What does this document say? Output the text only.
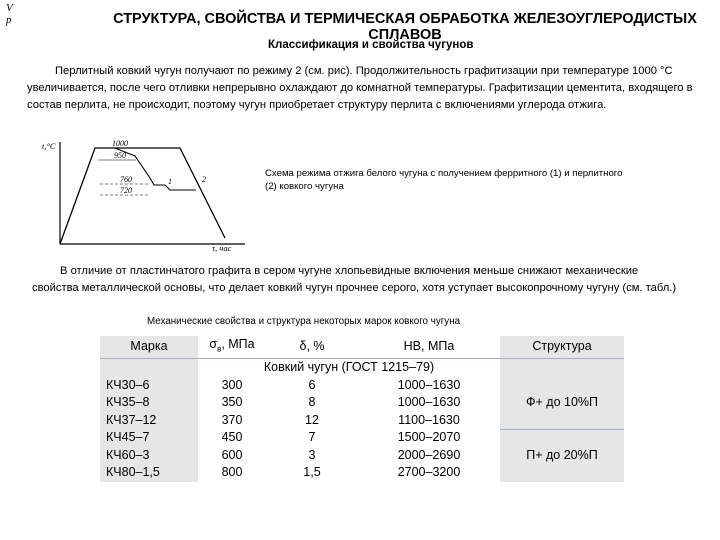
V
р	СТРУКТУРА, СВОЙСТВА И ТЕРМИЧЕСКАЯ ОБРАБОТКА ЖЕЛЕЗОУГЛЕРОДИСТЫХ СПЛАВОВ
Классификация и свойства чугунов
Перлитный ковкий чугун получают по режиму 2 (см. рис). Продолжительность графитизации при температуре 1000 °С увеличивается, после чего отливки непрерывно охлаждают до комнатной температуры. Графитизации цементита, входящего в состав перлита, не происходит, поэтому чугун приобретает структуру перлита с включениями углерода отжига.
t,°С
τ, час
1000
950
760
720
1	2
Схема режима отжига белого чугуна с получением ферритного (1) и перлитного (2) ковкого чугуна
В отличие от пластинчатого графита в сером чугуне хлопьевидные включения меньше снижают механические свойства металлической основы, что делает ковкий чугун прочнее серого, хотя уступает высокопрочному чугуну (см. табл.)
Механические свойства и структура некоторых марок ковкого чугуна
Марка	$\sigma_в$, МПа	δ, %	HB, МПа	Структура
	Ковкий чугун (ГОСТ 1215–79)			
КЧ30–6	300	6	1000–1630	Ф+ до 10%П
КЧ35–8	350	8	1000–1630	
КЧ37–12	370	12	1100–1630	
КЧ45–7	450	7	1500–2070	П+ до 20%П
КЧ60–3	600	3	2000–2690	
КЧ80–1,5	800	1,5	2700–3200	
